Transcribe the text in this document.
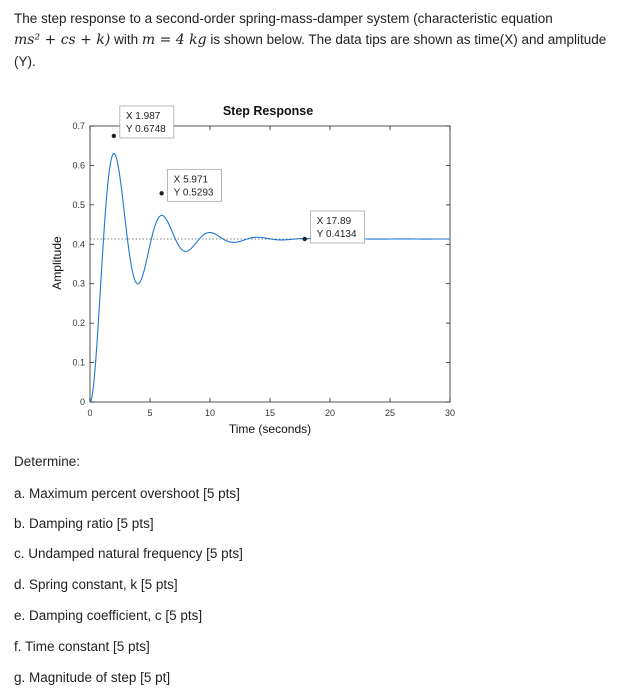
The step response to a second-order spring-mass-damper system (characteristic equation
ms² + cs + k) with m = 4 kg is shown below. The data tips are shown as time(X) and amplitude
(Y).
0	5	10	15	20	25	30
0
0.1
0.2
0.3
0.4
0.5
0.6
0.7
X 1.987
Y 0.6748
X 5.971
Y 0.5293
X 17.89
Y 0.4134
Step Response
Time (seconds)
Amplitude
Determine:
a. Maximum percent overshoot [5 pts]
b. Damping ratio [5 pts]
c. Undamped natural frequency [5 pts]
d. Spring constant, k [5 pts]
e. Damping coefficient, c [5 pts]
f. Time constant [5 pts]
g. Magnitude of step [5 pt]
